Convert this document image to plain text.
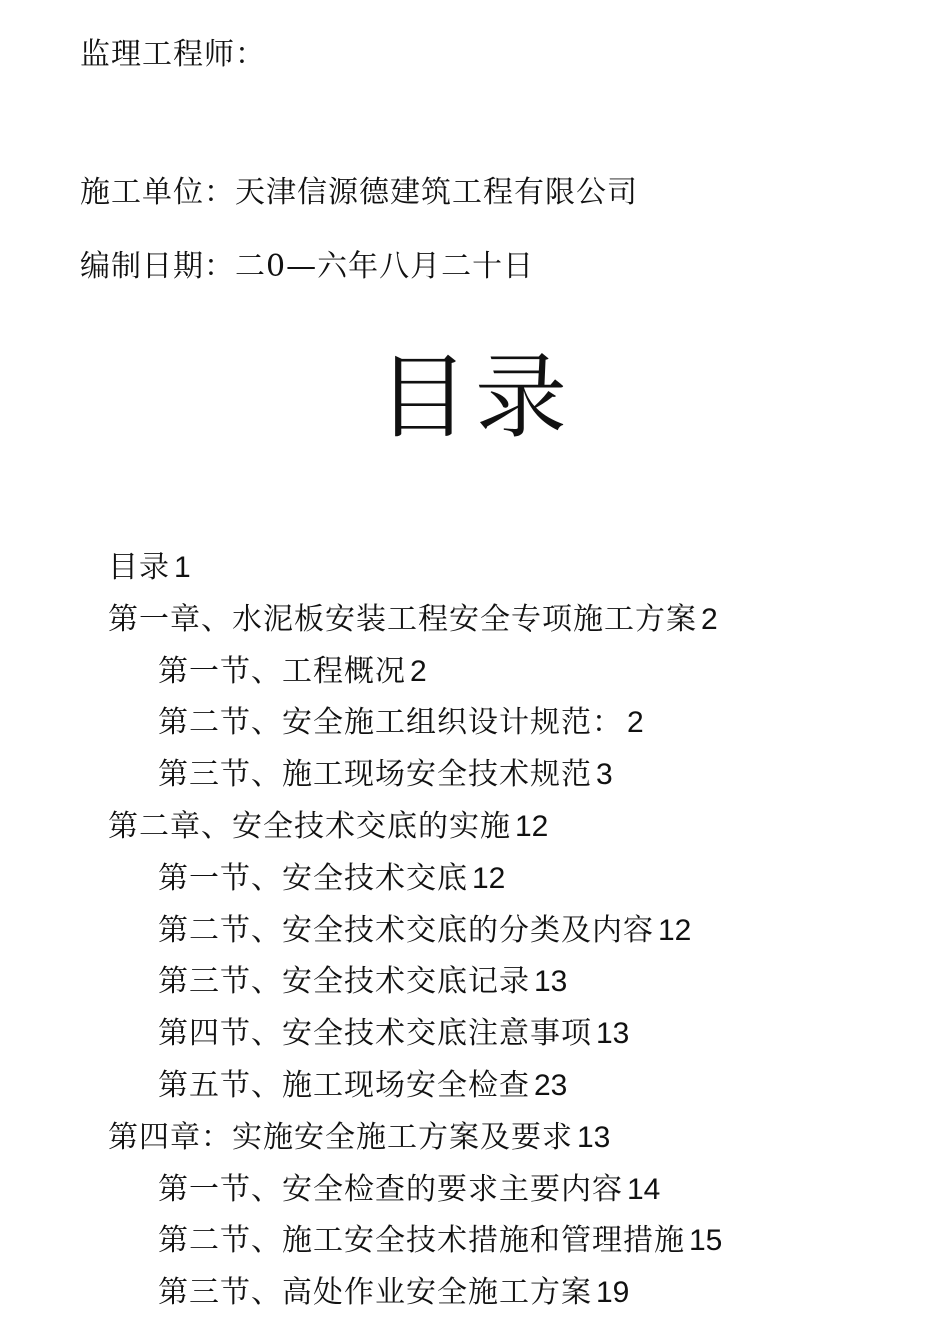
监理工程师：
施工单位：天津信源德建筑工程有限公司
编制日期：二0—六年八月二十日
目录
目录 1
第一章、水泥板安装工程安全专项施工方案 2
第一节、工程概况 2
第二节、安全施工组织设计规范： 2
第三节、施工现场安全技术规范 3
第二章、安全技术交底的实施 12
第一节、安全技术交底 12
第二节、安全技术交底的分类及内容 12
第三节、安全技术交底记录 13
第四节、安全技术交底注意事项 13
第五节、施工现场安全检查 23
第四章：实施安全施工方案及要求 13
第一节、安全检查的要求主要内容 14
第二节、施工安全技术措施和管理措施 15
第三节、高处作业安全施工方案 19
